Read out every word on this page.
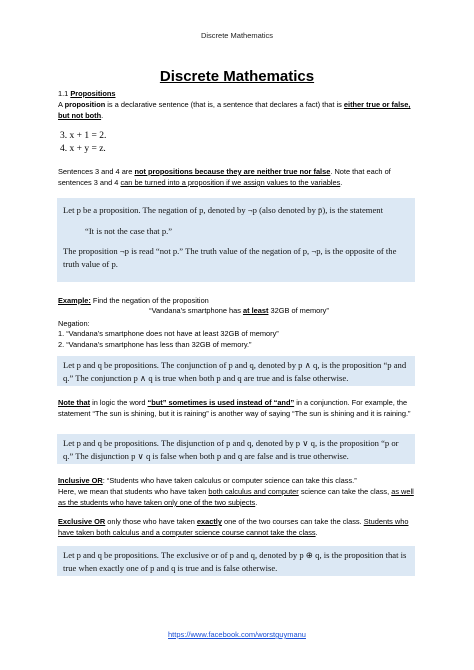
Discrete Mathematics
Discrete Mathematics
1.1 Propositions
A proposition is a declarative sentence (that is, a sentence that declares a fact) that is either true or false, but not both.
3. x + 1 = 2.
4. x + y = z.
Sentences 3 and 4 are not propositions because they are neither true nor false. Note that each of sentences 3 and 4 can be turned into a proposition if we assign values to the variables.
Let p be a proposition. The negation of p, denoted by ¬p (also denoted by p̄), is the statement
“It is not the case that p.”
The proposition ¬p is read “not p.” The truth value of the negation of p, ¬p, is the opposite of the truth value of p.
Example: Find the negation of the proposition
“Vandana’s smartphone has at least 32GB of memory”
Negation:
1. “Vandana’s smartphone does not have at least 32GB of memory”
2. “Vandana’s smartphone has less than 32GB of memory.”
Let p and q be propositions. The conjunction of p and q, denoted by p ∧ q, is the proposition “p and q.” The conjunction p ∧ q is true when both p and q are true and is false otherwise.
Note that in logic the word “but” sometimes is used instead of “and” in a conjunction. For example, the statement “The sun is shining, but it is raining” is another way of saying “The sun is shining and it is raining.”
Let p and q be propositions. The disjunction of p and q, denoted by p ∨ q, is the proposition “p or q.” The disjunction p ∨ q is false when both p and q are false and is true otherwise.
Inclusive OR: “Students who have taken calculus or computer science can take this class.”
Here, we mean that students who have taken both calculus and computer science can take the class, as well as the students who have taken only one of the two subjects.
Exclusive OR only those who have taken exactly one of the two courses can take the class. Students who have taken both calculus and a computer science course cannot take the class.
Let p and q be propositions. The exclusive or of p and q, denoted by p ⊕ q, is the proposition that is true when exactly one of p and q is true and is false otherwise.
https://www.facebook.com/worstguymanu
